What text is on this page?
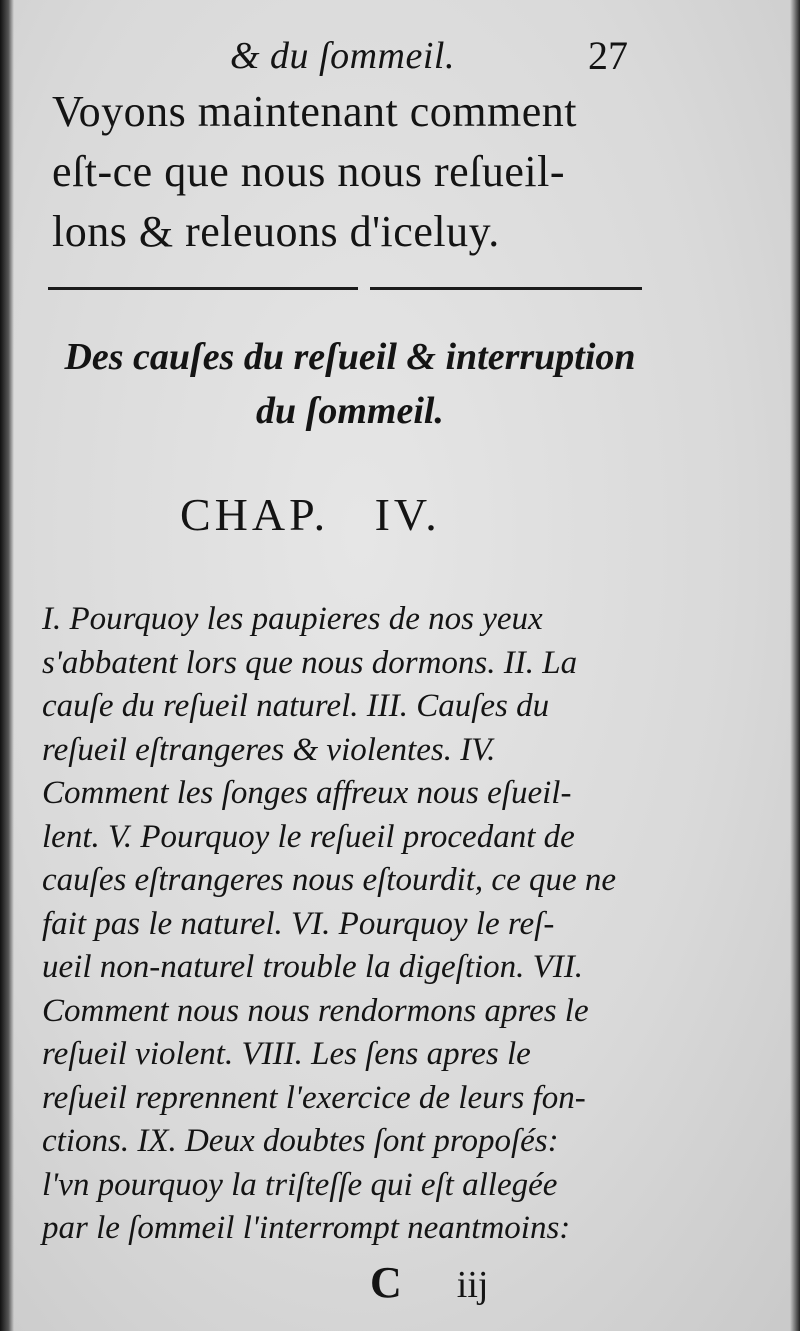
& du ſommeil.	27
Voyons maintenant comment
eſt-ce que nous nous reſueil-
lons & releuons d'iceluy.
Des cauſes du reſueil & interruption
du ſommeil.
CHAP. IV.
I. Pourquoy les paupieres de nos yeux
s'abbatent lors que nous dormons. II. La
cauſe du reſueil naturel. III. Cauſes du
reſueil eſtrangeres & violentes. IV.
Comment les ſonges affreux nous eſueil-
lent. V. Pourquoy le reſueil procedant de
cauſes eſtrangeres nous eſtourdit, ce que ne
fait pas le naturel. VI. Pourquoy le reſ-
ueil non-naturel trouble la digeſtion. VII.
Comment nous nous rendormons apres le
reſueil violent. VIII. Les ſens apres le
reſueil reprennent l'exercice de leurs fon-
ctions. IX. Deux doubtes ſont propoſés:
l'vn pourquoy la triſteſſe qui eſt allegée
par le ſommeil l'interrompt neantmoins:
C iij
